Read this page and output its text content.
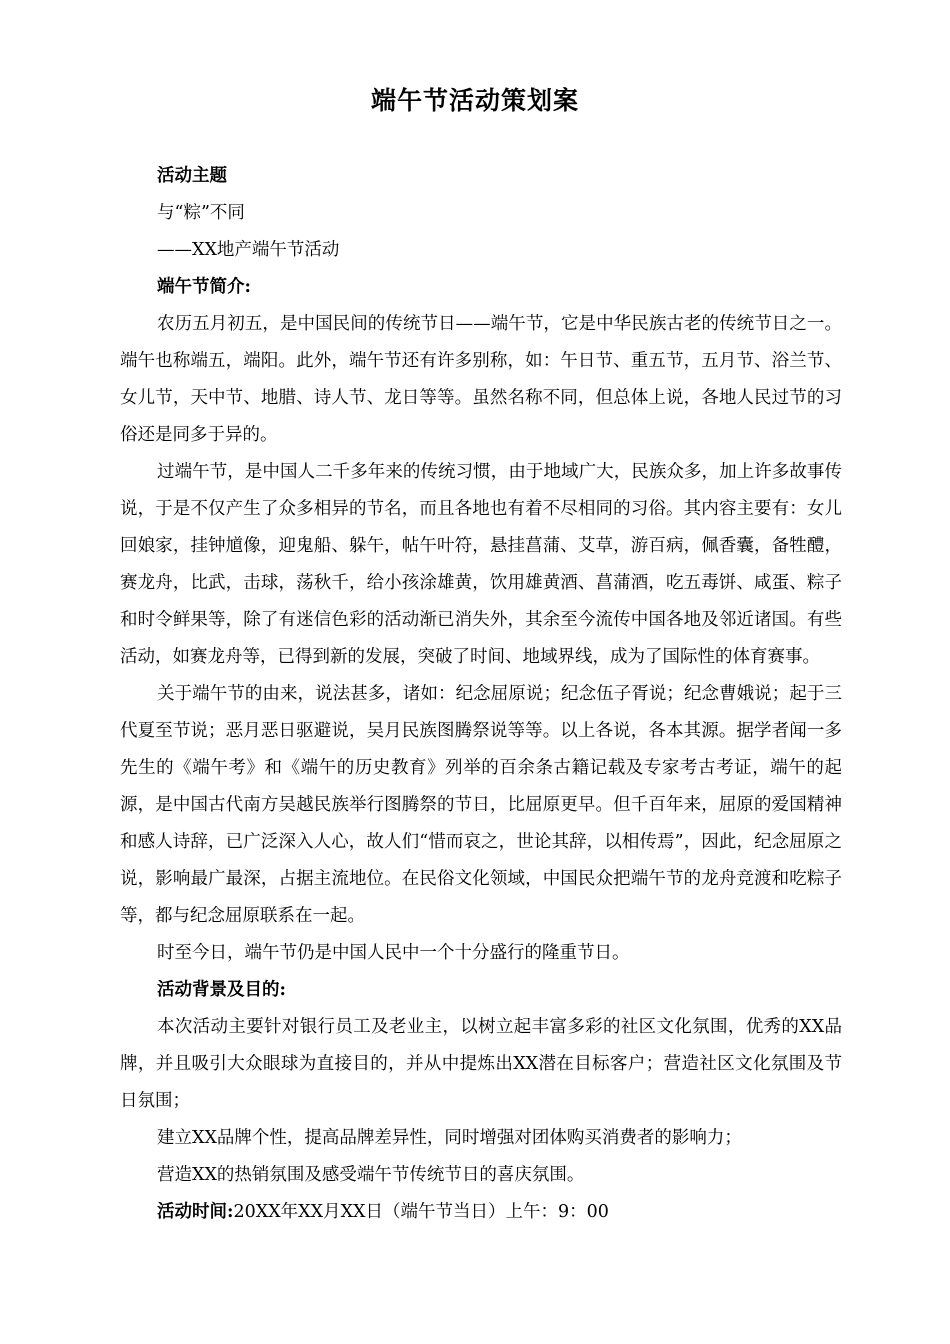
端午节活动策划案

活动主题

与“粽”不同

——XX地产端午节活动

端午节简介:

农历五月初五，是中国民间的传统节日——端午节，它是中华民族古老的传统节日之一。端午也称端五，端阳。此外，端午节还有许多别称，如：午日节、重五节，五月节、浴兰节、女儿节，天中节、地腊、诗人节、龙日等等。虽然名称不同，但总体上说，各地人民过节的习俗还是同多于异的。

过端午节，是中国人二千多年来的传统习惯，由于地域广大，民族众多，加上许多故事传说，于是不仅产生了众多相异的节名，而且各地也有着不尽相同的习俗。其内容主要有：女儿回娘家，挂钟馗像，迎鬼船、躲午，帖午叶符，悬挂菖蒲、艾草，游百病，佩香囊，备牲醴，赛龙舟，比武，击球，荡秋千，给小孩涂雄黄，饮用雄黄酒、菖蒲酒，吃五毒饼、咸蛋、粽子和时令鲜果等，除了有迷信色彩的活动渐已消失外，其余至今流传中国各地及邻近诸国。有些活动，如赛龙舟等，已得到新的发展，突破了时间、地域界线，成为了国际性的体育赛事。

关于端午节的由来，说法甚多，诸如：纪念屈原说；纪念伍子胥说；纪念曹娥说；起于三代夏至节说；恶月恶日驱避说，吴月民族图腾祭说等等。以上各说，各本其源。据学者闻一多先生的《端午考》和《端午的历史教育》列举的百余条古籍记载及专家考古考证，端午的起源，是中国古代南方吴越民族举行图腾祭的节日，比屈原更早。但千百年来，屈原的爱国精神和感人诗辞，已广泛深入人心，故人们“惜而哀之，世论其辞，以相传焉”，因此，纪念屈原之说，影响最广最深，占据主流地位。在民俗文化领域，中国民众把端午节的龙舟竞渡和吃粽子等，都与纪念屈原联系在一起。

时至今日，端午节仍是中国人民中一个十分盛行的隆重节日。

活动背景及目的:

本次活动主要针对银行员工及老业主，以树立起丰富多彩的社区文化氛围，优秀的XX品牌，并且吸引大众眼球为直接目的，并从中提炼出XX潜在目标客户；营造社区文化氛围及节日氛围；

建立XX品牌个性，提高品牌差异性，同时增强对团体购买消费者的影响力；

营造XX的热销氛围及感受端午节传统节日的喜庆氛围。

活动时间:20XX年XX月XX日（端午节当日）上午：9：00
